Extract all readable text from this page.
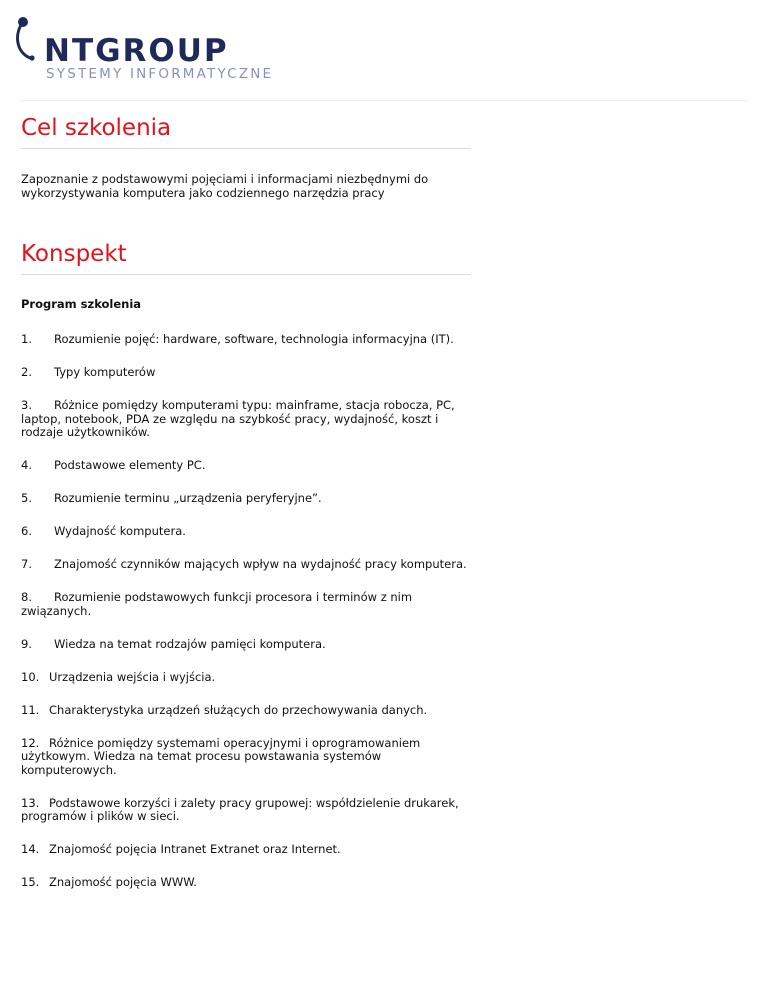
NTGROUP
SYSTEMY INFORMATYCZNE
Cel szkolenia

Zapoznanie z podstawowymi pojęciami i informacjami niezbędnymi do wykorzystywania komputera jako codziennego narzędzia pracy

Konspekt

Program szkolenia

1. Rozumienie pojęć: hardware, software, technologia informacyjna (IT).

2. Typy komputerów

3. Różnice pomiędzy komputerami typu: mainframe, stacja robocza, PC, laptop, notebook, PDA ze względu na szybkość pracy, wydajność, koszt i rodzaje użytkowników.

4. Podstawowe elementy PC.

5. Rozumienie terminu „urządzenia peryferyjne”.

6. Wydajność komputera.

7. Znajomość czynników mających wpływ na wydajność pracy komputera.

8. Rozumienie podstawowych funkcji procesora i terminów z nim związanych.

9. Wiedza na temat rodzajów pamięci komputera.

10. Urządzenia wejścia i wyjścia.

11. Charakterystyka urządzeń służących do przechowywania danych.

12. Różnice pomiędzy systemami operacyjnymi i oprogramowaniem użytkowym. Wiedza na temat procesu powstawania systemów komputerowych.

13. Podstawowe korzyści i zalety pracy grupowej: współdzielenie drukarek, programów i plików w sieci.

14. Znajomość pojęcia Intranet Extranet oraz Internet.

15. Znajomość pojęcia WWW.
